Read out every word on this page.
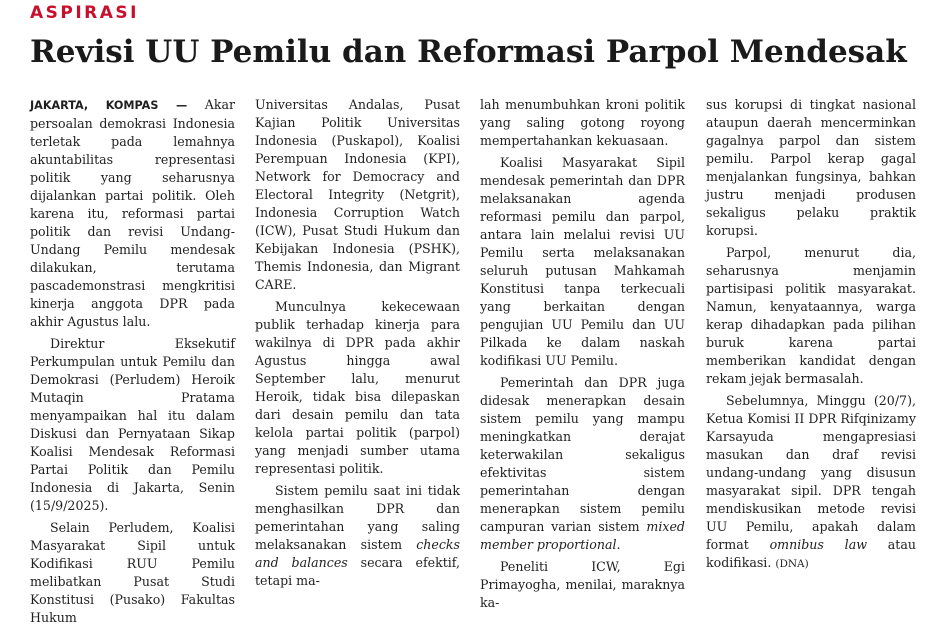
ASPIRASI
Revisi UU Pemilu dan Reformasi Parpol Mendesak

JAKARTA, KOMPAS — Akar persoalan demokrasi Indonesia terletak pada lemahnya akuntabilitas representasi politik yang seharusnya dijalankan partai politik. Oleh karena itu, reformasi partai politik dan revisi Undang-Undang Pemilu mendesak dilakukan, terutama pascademonstrasi mengkritisi kinerja anggota DPR pada akhir Agustus lalu.

Direktur Eksekutif Perkumpulan untuk Pemilu dan Demokrasi (Perludem) Heroik Mutaqin Pratama menyampaikan hal itu dalam Diskusi dan Pernyataan Sikap Koalisi Mendesak Reformasi Partai Politik dan Pemilu Indonesia di Jakarta, Senin (15/9/2025).

Selain Perludem, Koalisi Masyarakat Sipil untuk Kodifikasi RUU Pemilu melibatkan Pusat Studi Konstitusi (Pusako) Fakultas Hukum

Universitas Andalas, Pusat Kajian Politik Universitas Indonesia (Puskapol), Koalisi Perempuan Indonesia (KPI), Network for Democracy and Electoral Integrity (Netgrit), Indonesia Corruption Watch (ICW), Pusat Studi Hukum dan Kebijakan Indonesia (PSHK), Themis Indonesia, dan Migrant CARE.

Munculnya kekecewaan publik terhadap kinerja para wakilnya di DPR pada akhir Agustus hingga awal September lalu, menurut Heroik, tidak bisa dilepaskan dari desain pemilu dan tata kelola partai politik (parpol) yang menjadi sumber utama representasi politik.

Sistem pemilu saat ini tidak menghasilkan DPR dan pemerintahan yang saling melaksanakan sistem checks and balances secara efektif, tetapi ma-

lah menumbuhkan kroni politik yang saling gotong royong mempertahankan kekuasaan.

Koalisi Masyarakat Sipil mendesak pemerintah dan DPR melaksanakan agenda reformasi pemilu dan parpol, antara lain melalui revisi UU Pemilu serta melaksanakan seluruh putusan Mahkamah Konstitusi tanpa terkecuali yang berkaitan dengan pengujian UU Pemilu dan UU Pilkada ke dalam naskah kodifikasi UU Pemilu.

Pemerintah dan DPR juga didesak menerapkan desain sistem pemilu yang mampu meningkatkan derajat keterwakilan sekaligus efektivitas sistem pemerintahan dengan menerapkan sistem pemilu campuran varian sistem mixed member proportional.

Peneliti ICW, Egi Primayogha, menilai, maraknya ka-

sus korupsi di tingkat nasional ataupun daerah mencerminkan gagalnya parpol dan sistem pemilu. Parpol kerap gagal menjalankan fungsinya, bahkan justru menjadi produsen sekaligus pelaku praktik korupsi.

Parpol, menurut dia, seharusnya menjamin partisipasi politik masyarakat. Namun, kenyataannya, warga kerap dihadapkan pada pilihan buruk karena partai memberikan kandidat dengan rekam jejak bermasalah.

Sebelumnya, Minggu (20/7), Ketua Komisi II DPR Rifqinizamy Karsayuda mengapresiasi masukan dan draf revisi undang-undang yang disusun masyarakat sipil. DPR tengah mendiskusikan metode revisi UU Pemilu, apakah dalam format omnibus law atau kodifikasi. (DNA)
